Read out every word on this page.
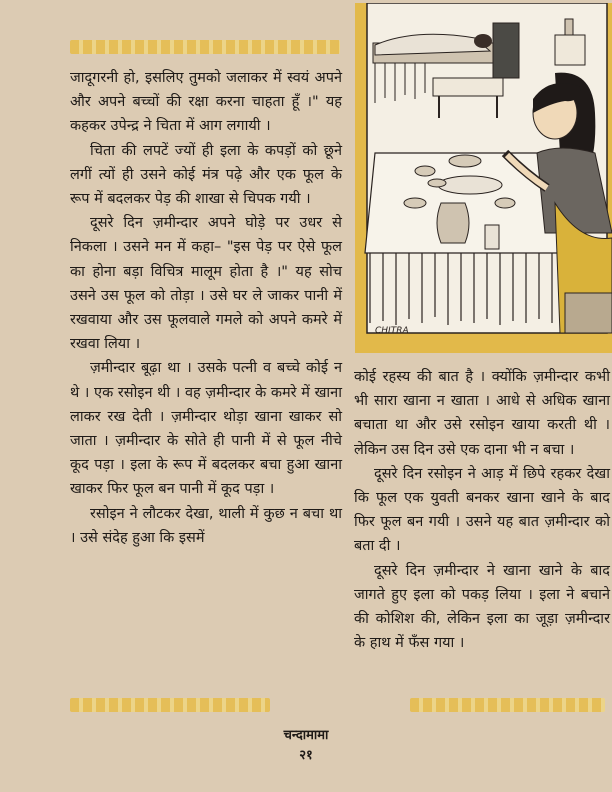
जादूगरनी हो, इसलिए तुमको जलाकर में स्वयं अपने और अपने बच्चों की रक्षा करना चाहता हूँ ।" यह कहकर उपेन्द्र ने चिता में आग लगायी ।

चिता की लपटें ज्यों ही इला के कपड़ों को छूने लगीं त्यों ही उसने कोई मंत्र पढ़े और एक फूल के रूप में बदलकर पेड़ की शाखा से चिपक गयी ।

दूसरे दिन ज़मीन्दार अपने घोड़े पर उधर से निकला । उसने मन में कहा– "इस पेड़ पर ऐसे फूल का होना बड़ा विचित्र मालूम होता है ।" यह सोच उसने उस फूल को तोड़ा । उसे घर ले जाकर पानी में रखवाया और उस फूलवाले गमले को अपने कमरे में रखवा लिया ।

ज़मीन्दार बूढ़ा था । उसके पत्नी व बच्चे कोई न थे । एक रसोइन थी । वह ज़मीन्दार के कमरे में खाना लाकर रख देती । ज़मीन्दार थोड़ा खाना खाकर सो जाता । ज़मीन्दार के सोते ही पानी में से फूल नीचे कूद पड़ा । इला के रूप में बदलकर बचा हुआ खाना खाकर फिर फूल बन पानी में कूद पड़ा ।

रसोइन ने लौटकर देखा, थाली में कुछ न बचा था । उसे संदेह हुआ कि इसमें

CHITRA

कोई रहस्य की बात है । क्योंकि ज़मीन्दार कभी भी सारा खाना न खाता । आधे से अधिक खाना बचाता था और उसे रसोइन खाया करती थी । लेकिन उस दिन उसे एक दाना भी न बचा ।

दूसरे दिन रसोइन ने आड़ में छिपे रहकर देखा कि फूल एक युवती बनकर खाना खाने के बाद फिर फूल बन गयी । उसने यह बात ज़मीन्दार को बता दी ।

दूसरे दिन ज़मीन्दार ने खाना खाने के बाद जागते हुए इला को पकड़ लिया । इला ने बचाने की कोशिश की, लेकिन इला का जूड़ा ज़मीन्दार के हाथ में फँस गया ।

चन्दामामा
२१
